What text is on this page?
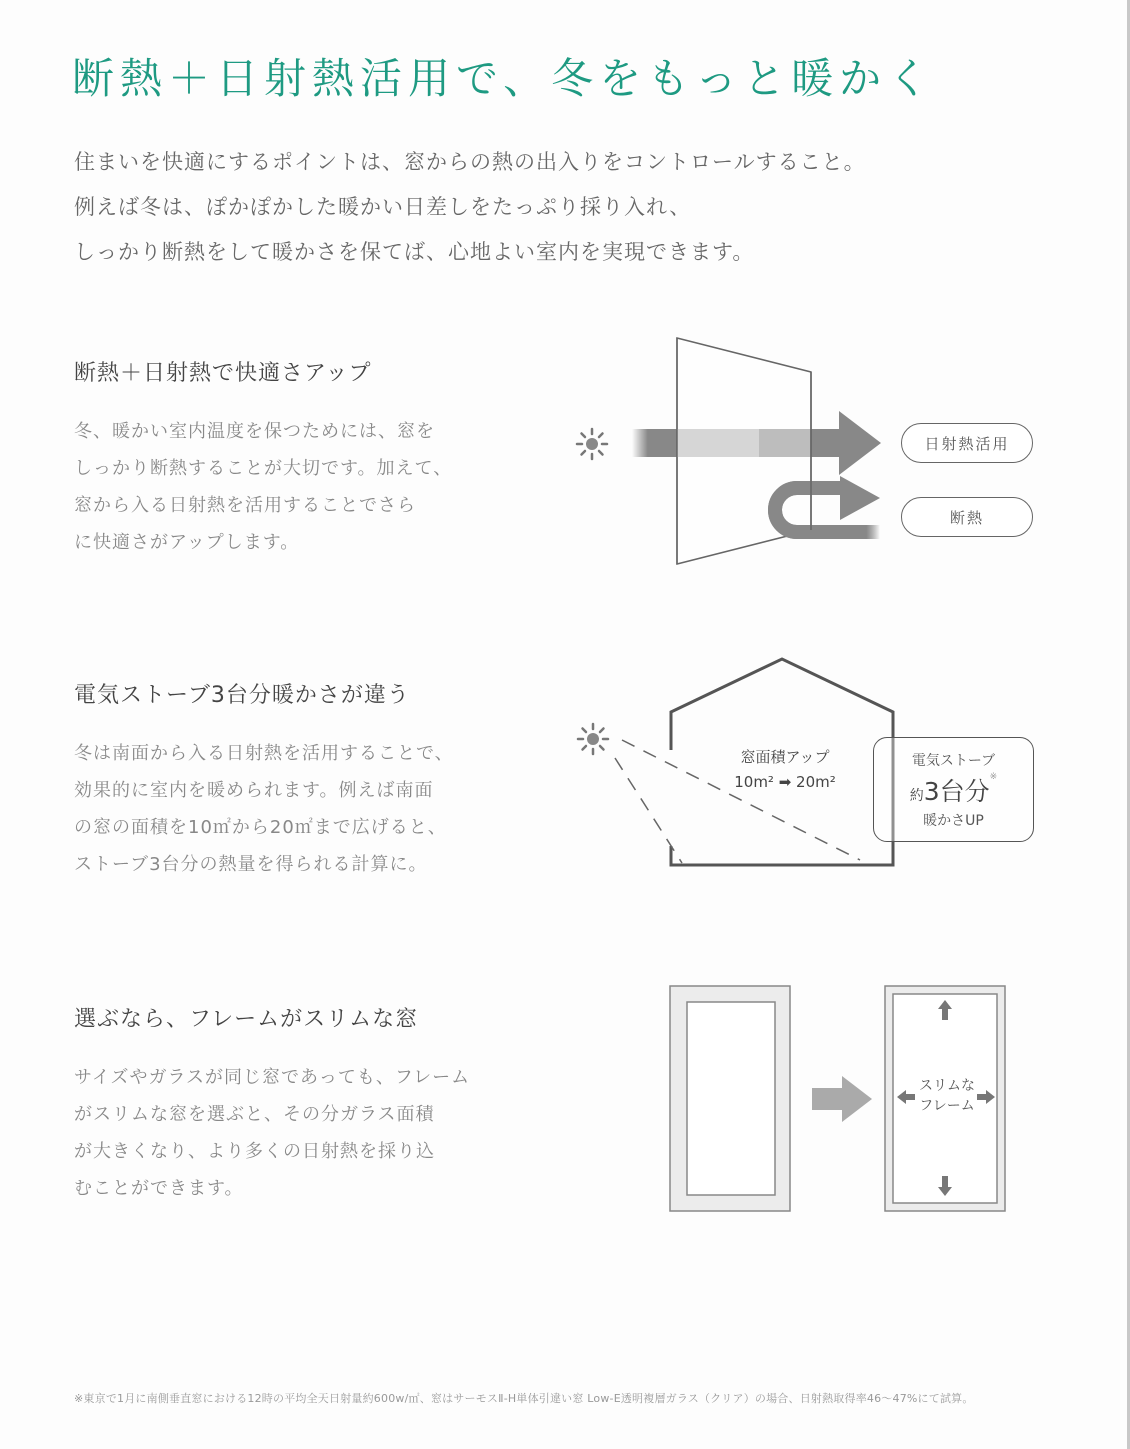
断熱＋日射熱活用で、冬をもっと暖かく

住まいを快適にするポイントは、窓からの熱の出入りをコントロールすること。

例えば冬は、ぽかぽかした暖かい日差しをたっぷり採り入れ、

しっかり断熱をして暖かさを保てば、心地よい室内を実現できます。

断熱＋日射熱で快適さアップ

冬、暖かい室内温度を保つためには、窓を

しっかり断熱することが大切です。加えて、

窓から入る日射熱を活用することでさら

に快適さがアップします。

日射熱活用
断熱
電気ストーブ3台分暖かさが違う

冬は南面から入る日射熱を活用することで、

効果的に室内を暖められます。例えば南面

の窓の面積を10㎡から20㎡まで広げると、

ストーブ3台分の熱量を得られる計算に。

窓面積アップ
10m² ➡ 20m²
電気ストーブ
約3台分※
暖かさUP
選ぶなら、フレームがスリムな窓

サイズやガラスが同じ窓であっても、フレーム

がスリムな窓を選ぶと、その分ガラス面積

が大きくなり、より多くの日射熱を採り込

むことができます。

スリムな
フレーム

※東京で1月に南側垂直窓における12時の平均全天日射量約600w/㎡、窓はサーモスⅡ-H単体引違い窓 Low-E透明複層ガラス（クリア）の場合、日射熱取得率46〜47%にて試算。
